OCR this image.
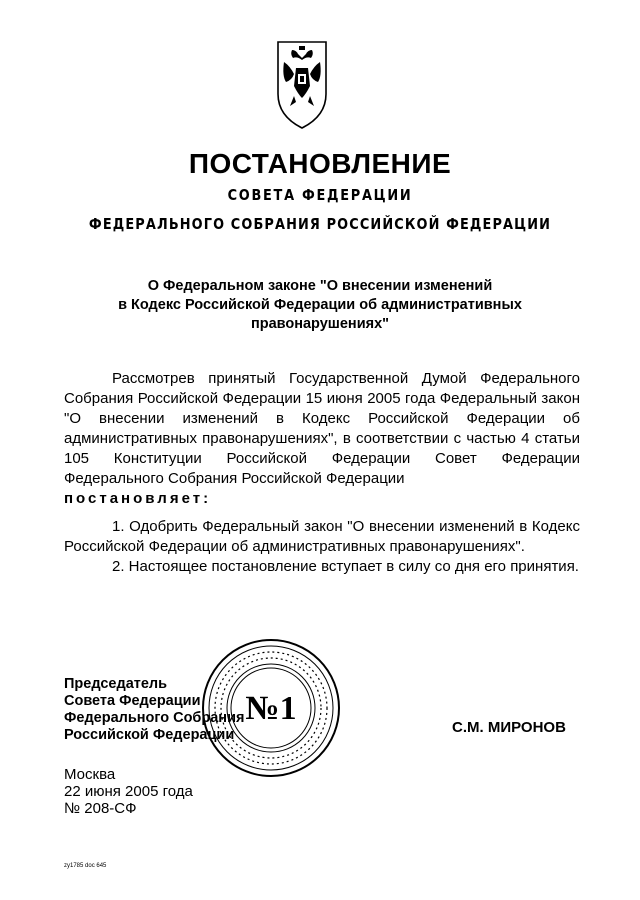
ПОСТАНОВЛЕНИЕ
СОВЕТА ФЕДЕРАЦИИ
ФЕДЕРАЛЬНОГО СОБРАНИЯ РОССИЙСКОЙ ФЕДЕРАЦИИ
О Федеральном законе "О внесении изменений
в Кодекс Российской Федерации об административных
правонарушениях"

Рассмотрев принятый Государственной Думой Федерального Собрания Российской Федерации 15 июня 2005 года Федеральный закон "О внесении изменений в Кодекс Российской Федерации об административных правонарушениях", в соответствии с частью 4 статьи 105 Конституции Российской Федерации Совет Федерации Федерального Собрания Российской Федерации

постановляет:

1. Одобрить Федеральный закон "О внесении изменений в Кодекс Российской Федерации об административных правонарушениях".

2. Настоящее постановление вступает в силу со дня его принятия.

Председатель
Совета Федерации
Федерального Собрания
Российской Федерации
№1
С.М. МИРОНОВ
Москва
22 июня 2005 года
№ 208-СФ
zy1785 doc 645
